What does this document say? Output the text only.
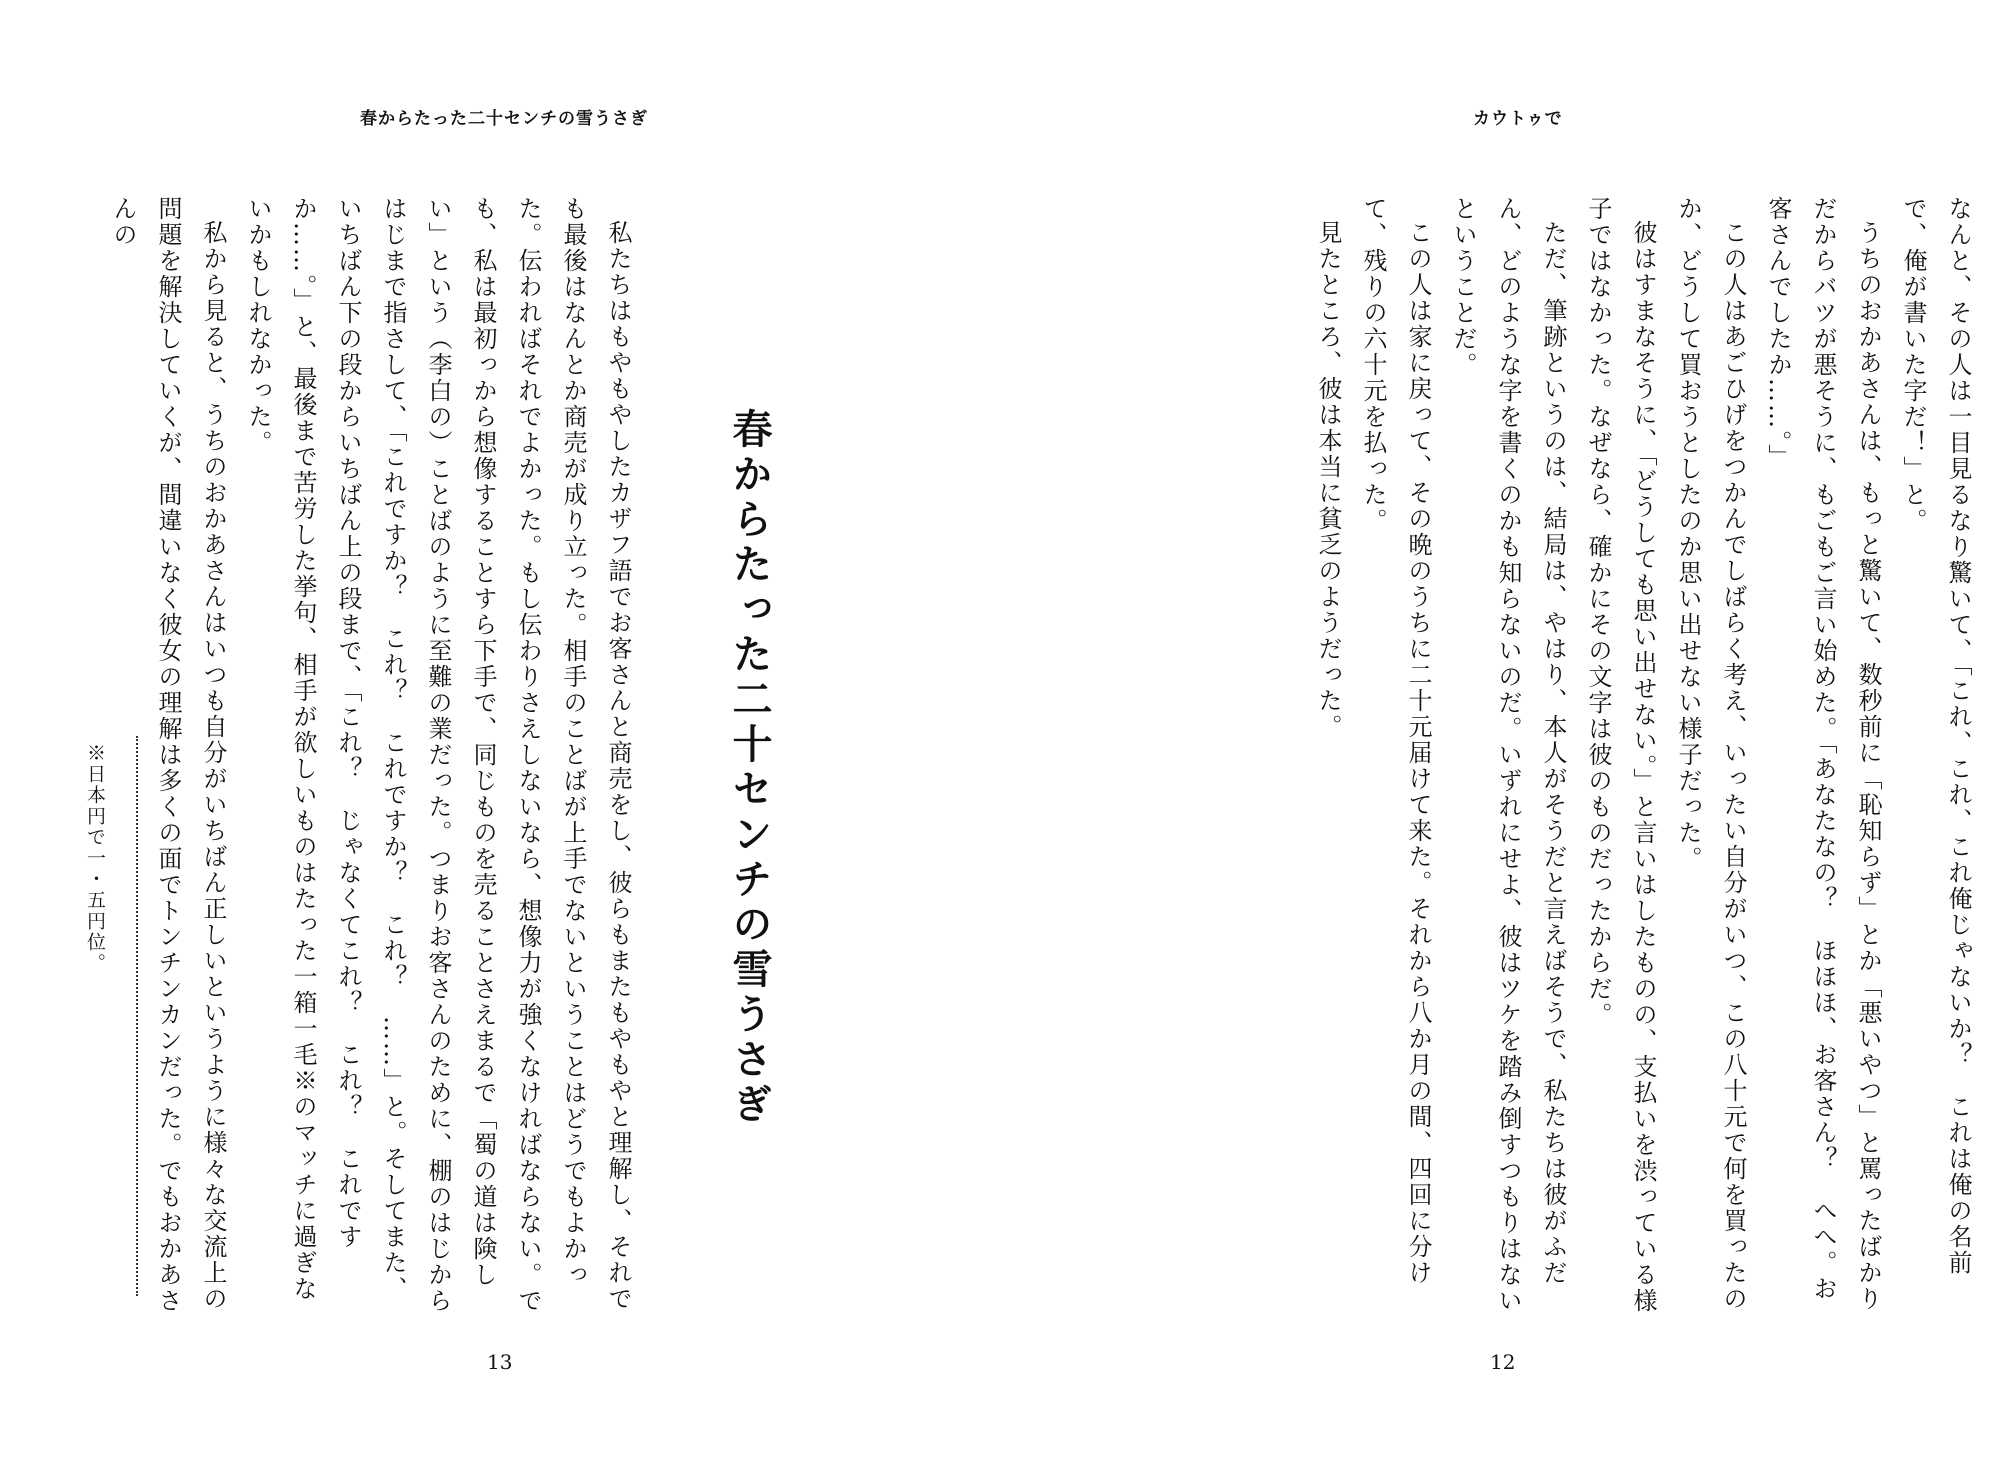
春からたった二十センチの雪うさぎ

私たちはもやもやしたカザフ語でお客さんと商売をし、彼らもまたもやもやと理解し、それでも最後はなんとか商売が成り立った。相手のことばが上手でないということはどうでもよかった。伝わればそれでよかった。もし伝わりさえしないなら、想像力が強くなければならない。でも、私は最初っから想像することすら下手で、同じものを売ることさえまるで「蜀の道は険しい」という（李白の）ことばのように至難の業だった。つまりお客さんのために、棚のはじからはじまで指さして、「これですか？　これ？　これですか？　これ？　……」と。そしてまた、いちばん下の段からいちばん上の段まで、「これ？　じゃなくてこれ？　これ？　これですか……。」と、最後まで苦労した挙句、相手が欲しいものはたった一箱一毛※のマッチに過ぎないかもしれなかった。

私から見ると、うちのおかあさんはいつも自分がいちばん正しいというように様々な交流上の問題を解決していくが、間違いなく彼女の理解は多くの面でトンチンカンだった。でもおかあさんの

春からたった二十センチの雪うさぎ
※日本円で一・五円位。
13
カウトゥで

なんと、その人は一目見るなり驚いて、「これ、これ、これ俺じゃないか？　これは俺の名前で、俺が書いた字だ！」と。

うちのおかあさんは、もっと驚いて、数秒前に「恥知らず」とか「悪いやつ」と罵ったばかりだからバツが悪そうに、もごもご言い始めた。「あなたなの？　ほほほ、お客さん？　へへ。お客さんでしたか……。」

この人はあごひげをつかんでしばらく考え、いったい自分がいつ、この八十元で何を買ったのか、どうして買おうとしたのか思い出せない様子だった。

彼はすまなそうに、「どうしても思い出せない。」と言いはしたものの、支払いを渋っている様子ではなかった。なぜなら、確かにその文字は彼のものだったからだ。

ただ、筆跡というのは、結局は、やはり、本人がそうだと言えばそうで、私たちは彼がふだん、どのような字を書くのかも知らないのだ。いずれにせよ、彼はツケを踏み倒すつもりはないということだ。

この人は家に戻って、その晩のうちに二十元届けて来た。それから八か月の間、四回に分けて、残りの六十元を払った。

見たところ、彼は本当に貧乏のようだった。

12
